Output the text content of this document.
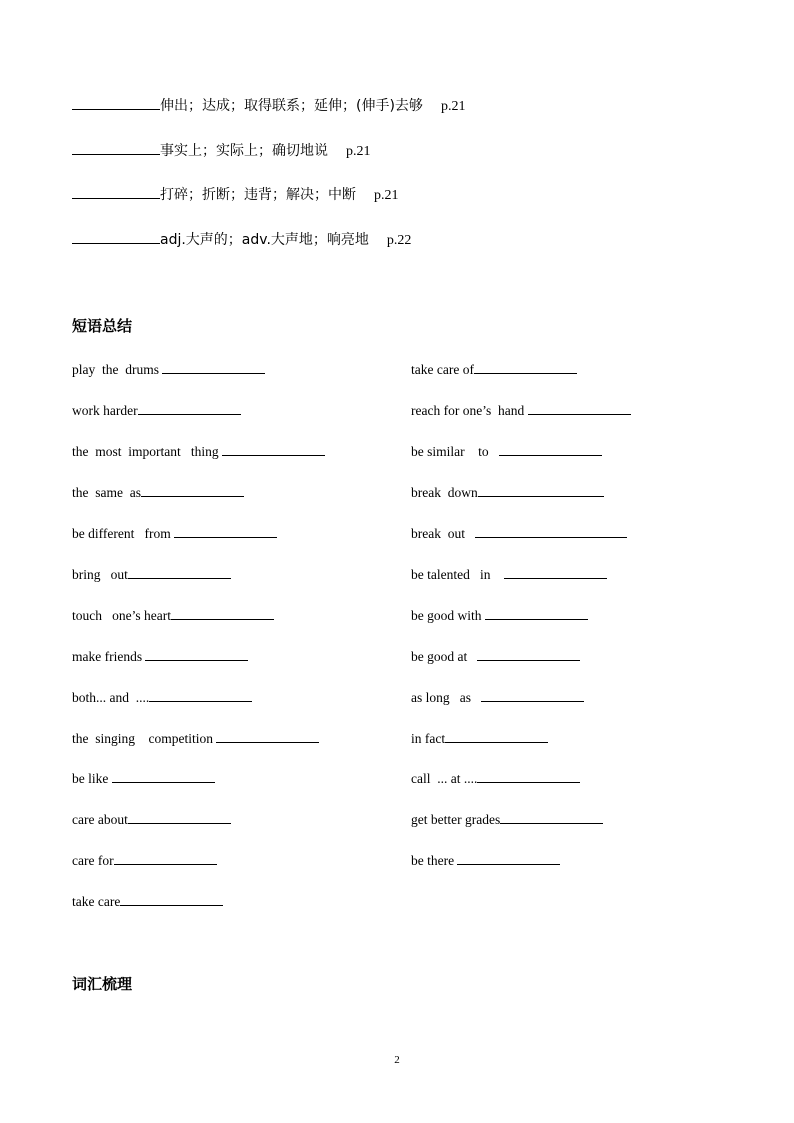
伸出；达成；取得联系；延伸；(伸手)去够 p.21
事实上；实际上；确切地说 p.21
打碎；折断；违背；解决；中断 p.21
adj.大声的；adv.大声地；响亮地 p.22
短语总结
play  the  drums
work harder
the  most  important   thing
the  same  as
be different   from
bring   out
touch   one’s heart
make friends
both... and  ....
the  singing    competition
be like
care about
care for
take care
take care of
reach for one’s  hand
be similar    to
break  down
break  out
be talented   in
be good with
be good at
as long   as
in fact
call  ... at ....
get better grades
be there
词汇梳理
2
